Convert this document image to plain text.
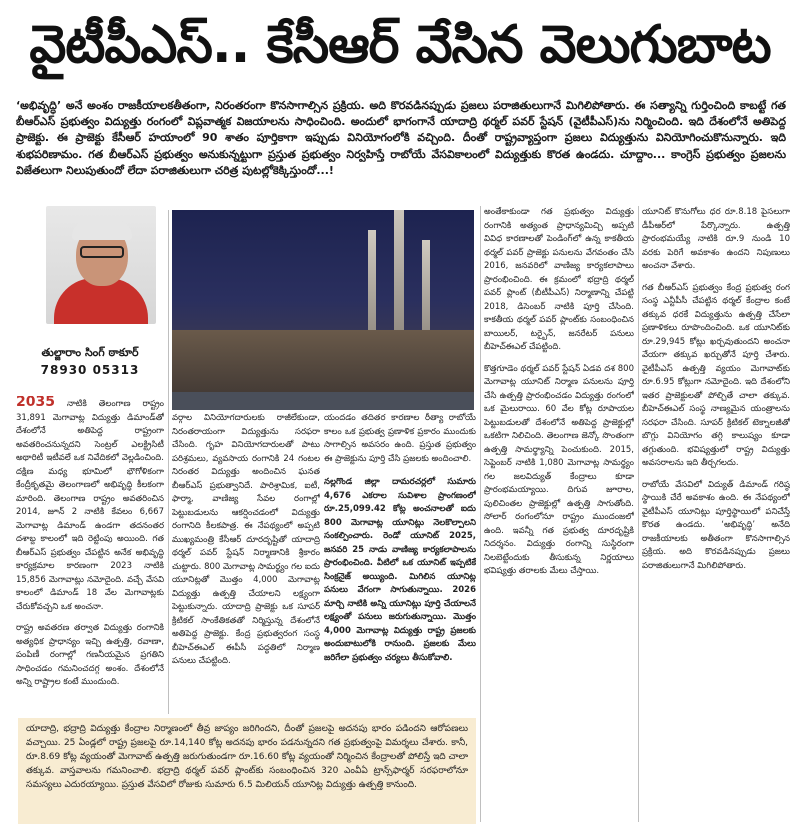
వైటీపీఎస్.. కేసీఆర్ వేసిన వెలుగుబాట
‘అభివృద్ధి’ అనే అంశం రాజకీయాలకతీతంగా, నిరంతరంగా కొనసాగాల్సిన ప్రక్రియ. అది కొరవడినప్పుడు ప్రజలు పరాజితులుగానే మిగిలిపోతారు. ఈ సత్యాన్ని గుర్తించింది కాబట్టే గత బీఆర్ఎస్ ప్రభుత్వం విద్యుత్తు రంగంలో విప్లవాత్మక విజయాలను సాధించింది. అందులో భాగంగానే యాదాద్రి థర్మల్ పవర్ స్టేషన్ (వైటీపీఎస్)ను నిర్మించింది. ఇది దేశంలోనే అతిపెద్ద ప్రాజెక్టు. ఈ ప్రాజెక్టు కేసీఆర్ హయాంలో 90 శాతం పూర్తికాగా ఇప్పుడు వినియోగంలోకి వచ్చింది. దీంతో రాష్ట్రవ్యాప్తంగా ప్రజలు విద్యుత్తును వినియోగించుకొనున్నారు. ఇది శుభపరిణామం. గత బీఆర్ఎస్ ప్రభుత్వం అనుకున్నట్టుగా ప్రస్తుత ప్రభుత్వం నిర్వహిస్తే రాబోయే వేసవికాలంలో విద్యుత్తుకు కొరత ఉండదు. చూద్దాం... కాంగ్రెస్ ప్రభుత్వం ప్రజలను విజేతలుగా నిలుపుతుందో లేదా పరాజితులుగా చరిత్ర పుటల్లోకెక్కిస్తుందో...!
తుల్జారాం సింగ్ ఠాకూర్
78930 05313
2035 నాటికి తెలంగాణ రాష్ట్రం 31,891 మెగావాట్ల విద్యుత్తు డిమాండ్‌తో దేశంలోనే అతిపెద్ద రాష్ట్రంగా అవతరించనున్నదని సెంట్రల్ ఎలక్ట్రిసిటీ అథారిటీ ఇటీవలే ఒక నివేదికలో వెల్లడించింది. దక్షిణ మధ్య భూమిలో భౌగోళికంగా కేంద్రీకృతమై తెలంగాణలో అభివృద్ధి కీలకంగా మారింది. తెలంగాణ రాష్ట్రం అవతరించిన 2014, జూన్ 2 నాటికి కేవలం 6,667 మెగావాట్ల డిమాండ్ ఉండగా తదనంతర దశాబ్ద కాలంలో ఇది రెట్టింపు అయింది. గత బీఆర్ఎస్ ప్రభుత్వం చేపట్టిన అనేక అభివృద్ధి కార్యక్రమాల కారణంగా 2023 నాటికి 15,856 మెగావాట్లు నమోదైంది. వచ్చే వేసవి కాలంలో డిమాండ్ 18 వేల మెగావాట్లకు చేరుకోవచ్చని ఒక అంచనా.
రాష్ట్ర అవతరణ తర్వాత విద్యుత్తు రంగానికి అత్యధిక ప్రాధాన్యం ఇచ్చి ఉత్పత్తి, రవాణా, పంపిణీ రంగాల్లో గణనీయమైన ప్రగతిని సాధించడం గమనించదగ్గ అంశం. దేశంలోనే అన్ని రాష్ట్రాల కంటే ముందుంది.
వర్గాల వినియోగదారులకు రాజీలేకుండా, నిరంతరాయంగా విద్యుత్తును సరఫరా చేసింది. గృహ వినియోగదారులతో పాటు పరిశ్రమలు, వ్యవసాయ రంగానికి 24 గంటల నిరంతర విద్యుత్తు అందించిన ఘనత బీఆర్ఎస్ ప్రభుత్వానిదే. పారిశ్రామిక, ఐటీ, ఫార్మా, వాణిజ్య సేవల రంగాల్లో పెట్టుబడులను ఆకర్షించడంలో విద్యుత్తు రంగానిది కీలకపాత్ర. ఈ నేపథ్యంలో అప్పటి ముఖ్యమంత్రి కేసీఆర్ దూరదృష్టితో యాదాద్రి థర్మల్ పవర్ స్టేషన్ నిర్మాణానికి శ్రీకారం చుట్టారు. 800 మెగావాట్ల సామర్థ్యం గల ఐదు యూనిట్లతో మొత్తం 4,000 మెగావాట్ల విద్యుత్తు ఉత్పత్తి చేయాలని లక్ష్యంగా పెట్టుకున్నారు. యాదాద్రి ప్రాజెక్టు ఒక సూపర్ క్రిటికల్ సాంకేతికతతో నిర్మిస్తున్న దేశంలోనే అతిపెద్ద ప్రాజెక్టు. కేంద్ర ప్రభుత్వరంగ సంస్థ బీహెచ్ఈఎల్ ఈపీసీ పద్ధతిలో నిర్మాణ పనులు చేపట్టింది.
యందడం తదితర కారణాల రీత్యా రాబోయే కాలం ఒక ప్రభుత్వ ప్రణాళిక ప్రకారం ముందుకు సాగాల్సిన అవసరం ఉంది. ప్రస్తుత ప్రభుత్వం ఈ ప్రాజెక్టును పూర్తి చేసి ప్రజలకు అందించాలి.
నల్లగొండ జిల్లా దామరచర్లలో సుమారు 4,676 ఎకరాల సువిశాల ప్రాంగణంలో రూ.25,099.42 కోట్ల అంచనాలతో ఐదు 800 మెగావాట్ల యూనిట్లు నెలకొల్పాలని సంకల్పించారు. రెండో యూనిట్ 2025, జనవరి 25 నాడు వాణిజ్య కార్యకలాపాలను ప్రారంభించింది. వీటిలో ఒక యూనిట్ ఇప్పటికే సింక్రనైజ్ అయ్యింది. మిగిలిన యూనిట్ల పనులు వేగంగా సాగుతున్నాయి. 2026 మార్చి నాటికి అన్ని యూనిట్లు పూర్తి చేయాలనే లక్ష్యంతో పనులు జరుగుతున్నాయి. మొత్తం 4,000 మెగావాట్ల విద్యుత్తు రాష్ట్ర ప్రజలకు అందుబాటులోకి రానుంది. ప్రజలకు మేలు జరిగేలా ప్రభుత్వం చర్యలు తీసుకోవాలి.
అంతేకాకుండా గత ప్రభుత్వం విద్యుత్తు రంగానికి అత్యంత ప్రాధాన్యమిచ్చి అప్పటి వివిధ కారణాలతో పెండింగ్‌లో ఉన్న కాకతీయ థర్మల్ పవర్ ప్రాజెక్టు పనులను వేగవంతం చేసి 2016, జనవరిలో వాణిజ్య కార్యకలాపాలు ప్రారంభించింది. ఈ క్రమంలో భద్రాద్రి థర్మల్ పవర్ ప్లాంట్ (బీటీపీఎస్) నిర్మాణాన్ని చేపట్టి 2018, డిసెంబర్ నాటికి పూర్తి చేసింది. కాకతీయ థర్మల్ పవర్ ప్లాంట్‌కు సంబంధించిన బాయిలర్, టర్బైన్, జనరేటర్ పనులు బీహెచ్ఈఎల్ చేపట్టింది.
కొత్తగూడెం థర్మల్ పవర్ స్టేషన్ ఏడవ దశ 800 మెగావాట్ల యూనిట్ నిర్మాణ పనులను పూర్తి చేసి ఉత్పత్తి ప్రారంభించడం విద్యుత్తు రంగంలో ఒక మైలురాయి. 60 వేల కోట్ల రూపాయల పెట్టుబడులతో దేశంలోనే అతిపెద్ద ప్రాజెక్టుల్లో ఒకటిగా నిలిచింది. తెలంగాణ జెన్కో సొంతంగా ఉత్పత్తి సామర్థ్యాన్ని పెంచుకుంది. 2015, సెప్టెంబర్ నాటికి 1,080 మెగావాట్ల సామర్థ్యం గల జలవిద్యుత్ కేంద్రాలు కూడా ప్రారంభమయ్యాయి. దిగువ జూరాల, పులిచింతల ప్రాజెక్టుల్లో ఉత్పత్తి సాగుతోంది. సోలార్ రంగంలోనూ రాష్ట్రం ముందంజలో ఉంది. ఇవన్నీ గత ప్రభుత్వ దూరదృష్టికి నిదర్శనం. విద్యుత్తు రంగాన్ని సుస్థిరంగా నిలబెట్టేందుకు తీసుకున్న నిర్ణయాలు భవిష్యత్తు తరాలకు మేలు చేస్తాయి.
యూనిట్ కొనుగోలు ధర రూ.8.18 పైసలుగా డీపీఆర్‌లో పేర్కొన్నారు. ఉత్పత్తి ప్రారంభమయ్యే నాటికి రూ.9 నుండి 10 వరకు పెరిగే అవకాశం ఉందని నిపుణులు అంచనా వేశారు.
గత బీఆర్ఎస్ ప్రభుత్వం కేంద్ర ప్రభుత్వ రంగ సంస్థ ఎన్టీపీసీ చేపట్టిన థర్మల్ కేంద్రాల కంటే తక్కువ ధరకే విద్యుత్తును ఉత్పత్తి చేసేలా ప్రణాళికలు రూపొందించింది. ఒక యూనిట్‌కు రూ.29,945 కోట్లు ఖర్చవుతుందని అంచనా వేయగా తక్కువ ఖర్చుతోనే పూర్తి చేశారు. వైటీపీఎస్ ఉత్పత్తి వ్యయం మెగావాట్‌కు రూ.6.95 కోట్లుగా నమోదైంది. ఇది దేశంలోని ఇతర ప్రాజెక్టులతో పోల్చితే చాలా తక్కువ. బీహెచ్ఈఎల్ సంస్థ నాణ్యమైన యంత్రాలను సరఫరా చేసింది. సూపర్ క్రిటికల్ టెక్నాలజీతో బొగ్గు వినియోగం తగ్గి కాలుష్యం కూడా తగ్గుతుంది. భవిష్యత్తులో రాష్ట్ర విద్యుత్తు అవసరాలను ఇది తీర్చగలదు.
రాబోయే వేసవిలో విద్యుత్ డిమాండ్ గరిష్ఠ స్థాయికి చేరే అవకాశం ఉంది. ఈ నేపథ్యంలో వైటీపీఎస్ యూనిట్లు పూర్తిస్థాయిలో పనిచేస్తే కొరత ఉండదు. ‘అభివృద్ధి’ అనేది రాజకీయాలకు అతీతంగా కొనసాగాల్సిన ప్రక్రియ. అది కొరవడినప్పుడు ప్రజలు పరాజితులుగానే మిగిలిపోతారు.
యాదాద్రి, భద్రాద్రి విద్యుత్తు కేంద్రాల నిర్మాణంలో తీవ్ర జాప్యం జరిగిందని, దీంతో ప్రజలపై అదనపు భారం పడిందని ఆరోపణలు వచ్చాయి. 25 ఏండ్లలో రాష్ట్ర ప్రజలపై రూ.14,140 కోట్ల అదనపు భారం పడనున్నదని గత ప్రభుత్వంపై విమర్శలు చేశారు. కానీ, రూ.8.69 కోట్ల వ్యయంతో మెగావాట్ ఉత్పత్తి జరుగుతుండగా రూ.16.60 కోట్ల వ్యయంతో నిర్మించిన కేంద్రాలతో పోలిస్తే ఇది చాలా తక్కువ. వాస్తవాలను గమనించాలి. భద్రాద్రి థర్మల్ పవర్ ప్లాంట్‌కు సంబంధించిన 320 ఎంవీఏ ట్రాన్స్‌ఫార్మర్ సరఫరాలోనూ సమస్యలు ఎదురయ్యాయి. ప్రస్తుత వేసవిలో రోజుకు సుమారు 6.5 మిలియన్ యూనిట్ల విద్యుత్తు ఉత్పత్తి కానుంది.
